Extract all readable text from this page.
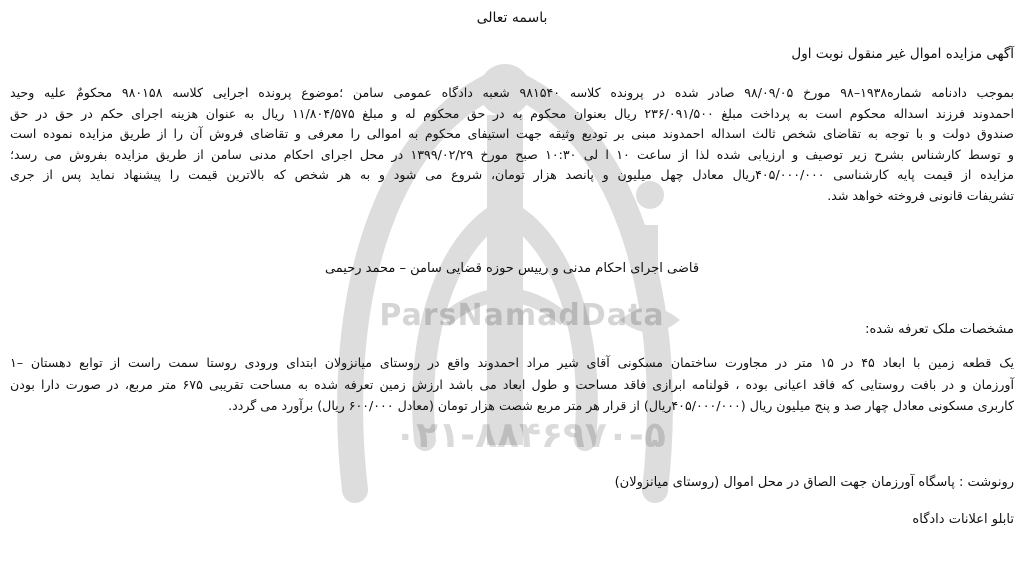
ParsNamadData
۰۲۱-۸۸۴۶۹۷۰-۵
باسمه تعالی
آگهی مزایده اموال غیر منقول نوبت اول
بموجب دادنامه شماره۱۹۳۸–۹۸ مورخ ۹۸/۰۹/۰۵ صادر شده در پرونده کلاسه ۹۸۱۵۴۰ شعبه دادگاه عمومی سامن ؛موضوع پرونده اجرایی کلاسه ۹۸۰۱۵۸ محکومٌ علیه وحید
احمدوند فرزند اسداله محکوم است به پرداخت مبلغ ۲۳۶/۰۹۱/۵۰۰ ریال بعنوان محکوم به در حق محکوم له و مبلغ ۱۱/۸۰۴/۵۷۵ ریال به عنوان هزینه اجرای حکم در حق در حق
صندوق دولت و با توجه به تقاضای شخص ثالث اسداله احمدوند مبنی بر توديع وثيقه جهت استيفای محكوم به اموالی را معرفی و تقاضای فروش آن را از طريق مزايده نموده است
و توسط کارشناس بشرح زیر توصیف و ارزیابی شده لذا از ساعت ۱۰ ا لی ۱۰:۳۰ صبح مورخ ۱۳۹۹/۰۲/۲۹ در محل اجرای احکام مدنی سامن از طریق مزایده بفروش می رسد؛
مزایده از قیمت پایه کارشناسی ۴۰۵/۰۰۰/۰۰۰ریال معادل چهل میلیون و پانصد هزار تومان، شروع می شود و به هر شخص که بالاترین قیمت را پیشنهاد نماید پس از جری
تشریفات قانونی فروخته خواهد شد.
قاضی اجرای احکام مدنی و رییس حوزه قضایی سامن – محمد رحیمی
مشخصات ملک تعرفه شده:
یک قطعه زمین با ابعاد ۴۵ در ۱۵ متر در مجاورت ساختمان مسکونی آقای شیر مراد احمدوند واقع در روستای میانزولان ابتدای ورودی روستا سمت راست از توابع دهستان –۱
آورزمان و در بافت روستایی که فاقد اعیانی بوده ، قولنامه ابرازی فاقد مساحت و طول ابعاد می باشد ارزش زمین تعرفه شده به مساحت تقریبی ۶۷۵ متر مربع، در صورت دارا بودن
کاربری مسکونی معادل چهار صد و پنج میلیون ریال (۴۰۵/۰۰۰/۰۰۰ریال) از قرار هر متر مربع شصت هزار تومان (معادل ۶۰۰/۰۰۰ ریال) برآورد می گردد.
رونوشت : پاسگاه آورزمان جهت الصاق در محل اموال (روستای میانزولان)
تابلو اعلانات دادگاه
